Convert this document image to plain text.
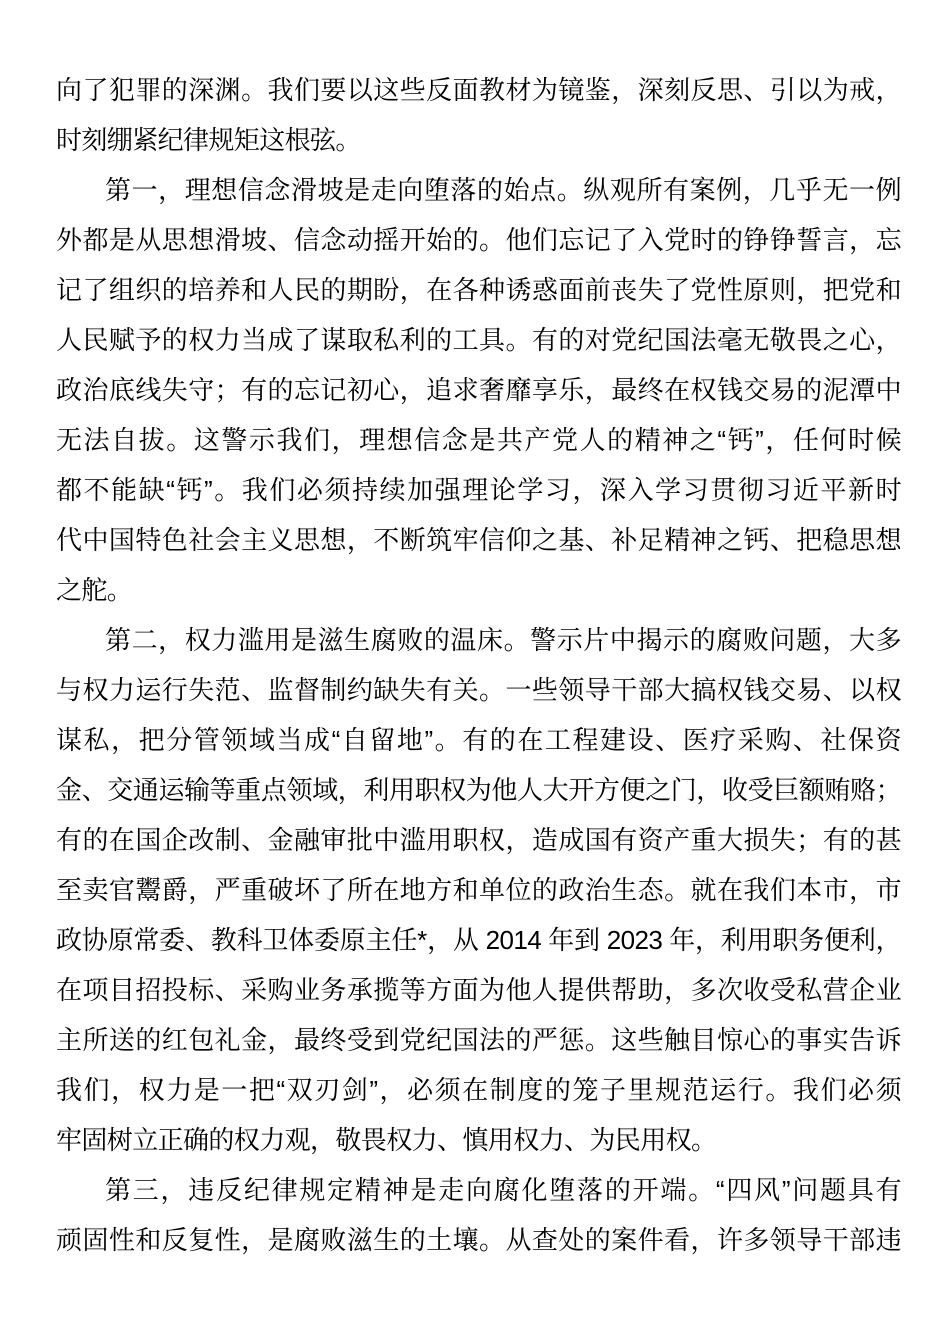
向了犯罪的深渊。我们要以这些反面教材为镜鉴，深刻反思、引以为戒，
时刻绷紧纪律规矩这根弦。
第一，理想信念滑坡是走向堕落的始点。纵观所有案例，几乎无一例
外都是从思想滑坡、信念动摇开始的。他们忘记了入党时的铮铮誓言，忘
记了组织的培养和人民的期盼，在各种诱惑面前丧失了党性原则，把党和
人民赋予的权力当成了谋取私利的工具。有的对党纪国法毫无敬畏之心，
政治底线失守；有的忘记初心，追求奢靡享乐，最终在权钱交易的泥潭中
无法自拔。这警示我们，理想信念是共产党人的精神之“钙”，任何时候
都不能缺“钙”。我们必须持续加强理论学习，深入学习贯彻习近平新时
代中国特色社会主义思想，不断筑牢信仰之基、补足精神之钙、把稳思想
之舵。
第二，权力滥用是滋生腐败的温床。警示片中揭示的腐败问题，大多
与权力运行失范、监督制约缺失有关。一些领导干部大搞权钱交易、以权
谋私，把分管领域当成“自留地”。有的在工程建设、医疗采购、社保资
金、交通运输等重点领域，利用职权为他人大开方便之门，收受巨额贿赂；
有的在国企改制、金融审批中滥用职权，造成国有资产重大损失；有的甚
至卖官鬻爵，严重破坏了所在地方和单位的政治生态。就在我们本市，市
政协原常委、教科卫体委原主任*，从 2014 年到 2023 年，利用职务便利，
在项目招投标、采购业务承揽等方面为他人提供帮助，多次收受私营企业
主所送的红包礼金，最终受到党纪国法的严惩。这些触目惊心的事实告诉
我们，权力是一把“双刃剑”，必须在制度的笼子里规范运行。我们必须
牢固树立正确的权力观，敬畏权力、慎用权力、为民用权。
第三，违反纪律规定精神是走向腐化堕落的开端。“四风”问题具有
顽固性和反复性，是腐败滋生的土壤。从查处的案件看，许多领导干部违
